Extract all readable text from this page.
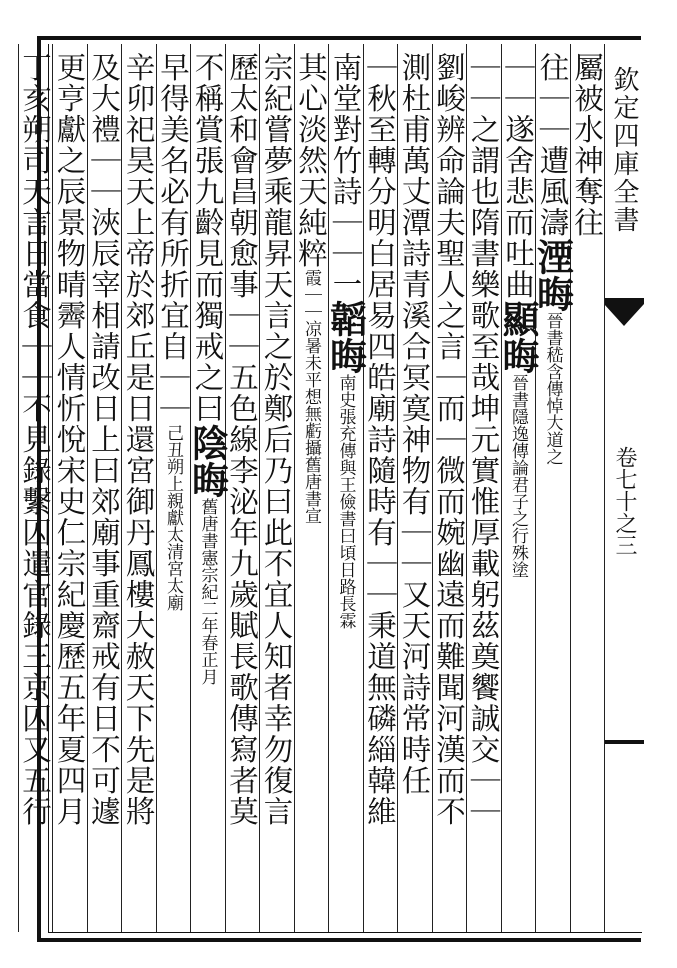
欽定四庫全書
卷七十之三
屬被水神奪往
往｜｜遭風濤湮晦晉書嵇含傳悼大道之
｜｜遂舍悲而吐曲顯晦晉書隱逸傳論君子之行殊塗
｜｜之謂也隋書樂歌至哉坤元實惟厚載躬茲奠饗誠交｜｜
劉峻辨命論夫聖人之言｜而｜微而婉幽遠而難聞河漢而不
測杜甫萬丈潭詩青溪合冥寞神物有｜｜又天河詩常時任
｜秋至轉分明白居易四皓廟詩隨時有｜｜秉道無磷緇韓維
南堂對竹詩｜｜一韜晦南史張充傳與王儉書曰頃日路長霖
其心淡然天純粹霞｜｜凉暑未平想無虧攝舊唐書宣
宗紀嘗夢乘龍昇天言之於鄭后乃曰此不宜人知者幸勿復言
歷太和會昌朝愈事｜｜五色線李泌年九歲賦長歌傳寫者莫
不稱賞張九齡見而獨戒之曰陰晦舊唐書憲宗紀二年春正月
早得美名必有所折宜自｜｜己丑朔上親獻太清宮太廟
辛卯祀昊天上帝於郊丘是日還宮御丹鳳樓大赦天下先是將
及大禮｜｜浹辰宰相請改日上曰郊廟事重齋戒有日不可遽
更亨獻之辰景物晴霽人情忻悅宋史仁宗紀慶歷五年夏四月
丁亥朔司天言日當食｜｜不見錄繫囚遣官錄三京囚又五行
